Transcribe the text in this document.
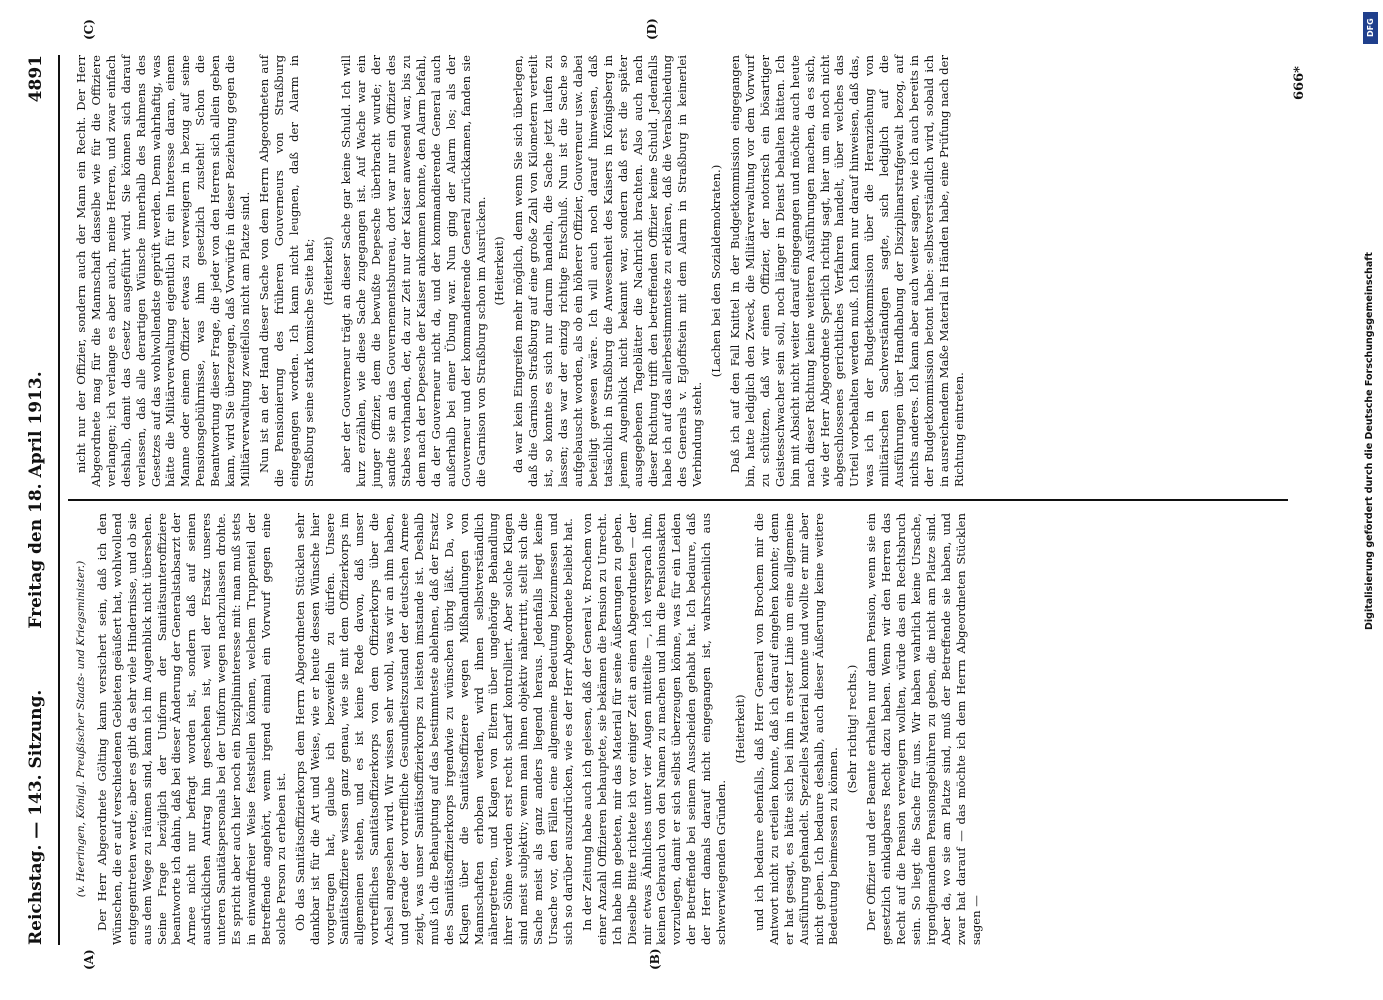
Reichstag. — 143. Sitzung.
Freitag den 18. April 1913.
4891
(A)	(B)
(C)	(D)
(v. Heeringen, Königl. Preußischer Staats- und Kriegsminister.) Der Herr Abgeordnete Gölting kann versichert sein, daß ich den Wünschen, die er auf verschiedenen Gebieten geäußert hat, wohlwollend entgegentreten werde; aber es gibt da sehr viele Hindernisse, und ob sie aus dem Wege zu räumen sind, kann ich im Augenblick nicht übersehen. Seine Frage bezüglich der Uniform der Sanitätsunteroffiziere beantworte ich dahin, daß bei dieser Änderung der Generalstabsarzt der Armee nicht nur befragt worden ist, sondern daß auf seinen ausdrücklichen Antrag hin geschehen ist, weil der Ersatz unseres unteren Sanitätspersonals bei der Uniform wegen nachzulassen drohte. Es spricht aber auch hier noch ein Disziplininteresse mit: man muß stets in einwandfreier Weise feststellen können, welchem Truppenteil der Betreffende angehört, wenn irgend einmal ein Vorwurf gegen eine solche Person zu erheben ist. Ob das Sanitätsoffizierkorps dem Herrn Abgeordneten Stücklen sehr dankbar ist für die Art und Weise, wie er heute dessen Wünsche hier vorgetragen hat, glaube ich bezweifeln zu dürfen. Unsere Sanitätsoffiziere wissen ganz genau, wie sie mit dem Offizierkorps im allgemeinen stehen, und es ist keine Rede davon, daß unser vortreffliches Sanitätsoffizierkorps von dem Offizierkorps über die Achsel angesehen wird. Wir wissen sehr wohl, was wir an ihm haben, und gerade der vortreffliche Gesundheitszustand der deutschen Armee zeigt, was unser Sanitätsoffizierkorps zu leisten imstande ist. Deshalb muß ich die Behauptung auf das bestimmteste ablehnen, daß der Ersatz des Sanitätsoffizierkorps irgendwie zu wünschen übrig läßt. Da, wo Klagen über die Sanitätsoffiziere wegen Mißhandlungen von Mannschaften erhoben werden, wird ihnen selbstverständlich nähergetreten, und Klagen von Eltern über ungehörige Behandlung ihrer Söhne werden erst recht scharf kontrolliert. Aber solche Klagen sind meist subjektiv; wenn man ihnen objektiv nähertritt, stellt sich die Sache meist als ganz anders liegend heraus. Jedenfalls liegt keine Ursache vor, den Fällen eine allgemeine Bedeutung beizumessen und sich so darüber auszudrücken, wie es der Herr Abgeordnete beliebt hat. In der Zeitung habe auch ich gelesen, daß der General v. Brochem von einer Anzahl Offizieren behauptete, sie bekämen die Pension zu Unrecht. Ich habe ihn gebeten, mir das Material für seine Äußerungen zu geben. Dieselbe Bitte richtete ich vor einiger Zeit an einen Abgeordneten — der mir etwas Ähnliches unter vier Augen mitteilte —, ich versprach ihm, keinen Gebrauch von den Namen zu machen und ihm die Pensionsakten vorzulegen, damit er sich selbst überzeugen könne, was für ein Leiden der Betreffende bei seinem Ausscheiden gehabt hat. Ich bedaure, daß der Herr damals darauf nicht eingegangen ist, wahrscheinlich aus schwerwiegenden Gründen.

(Heiterkeit) und ich bedaure ebenfalls, daß Herr General von Brochem mir die Antwort nicht zu erteilen konnte, daß ich darauf eingehen konnte; denn er hat gesagt, es hätte sich bei ihm in erster Linie um eine allgemeine Ausführung gehandelt. Spezielles Material konnte und wollte er mir aber nicht geben. Ich bedaure deshalb, auch dieser Äußerung keine weitere Bedeutung beimessen zu können.

(Sehr richtig! rechts.) Der Offizier und der Beamte erhalten nur dann Pension, wenn sie ein gesetzlich einklagbares Recht dazu haben. Wenn wir den Herren das Recht auf die Pension verweigern wollten, würde das ein Rechtsbruch sein. So liegt die Sache für uns. Wir haben wahrlich keine Ursache, irgendjemandem Pensionsgebühren zu geben, die nicht am Platze sind. Aber da, wo sie am Platze sind, muß der Betreffende sie haben, und zwar hat darauf — das möchte ich dem Herrn Abgeordneten Stücklen sagen —

nicht nur der Offizier, sondern auch der Mann ein Recht. Der Herr Abgeordnete mag für die Mannschaft dasselbe wie für die Offiziere verlangen; ich verlange es aber auch, meine Herren, und zwar einfach deshalb, damit das Gesetz ausgeführt wird. Sie können sich darauf verlassen, daß alle derartigen Wünsche innerhalb des Rahmens des Gesetzes auf das wohlwollendste geprüft werden. Denn wahrhaftig, was hätte die Militärverwaltung eigentlich für ein Interesse daran, einem Manne oder einem Offizier etwas zu verweigern in bezug auf seine Pensionsgebührnisse, was ihm gesetzlich zusteht! Schon die Beantwortung dieser Frage, die jeder von den Herren sich allein geben kann, wird Sie überzeugen, daß Vorwürfe in dieser Beziehung gegen die Militärverwaltung zweifellos nicht am Platze sind. Nun ist an der Hand dieser Sache von dem Herrn Abgeordneten auf die Pensionierung des früheren Gouverneurs von Straßburg eingegangen worden. Ich kann nicht leugnen, daß der Alarm in Straßburg seine stark komische Seite hat; (Heiterkeit) aber der Gouverneur trägt an dieser Sache gar keine Schuld. Ich will kurz erzählen, wie diese Sache zugegangen ist. Auf Wache war ein junger Offizier, dem die bewußte Depesche überbracht wurde; der sandte sie an das Gouvernementsbureau, dort war nur ein Offizier des Stabes vorhanden, der, da zur Zeit nur der Kaiser anwesend war, bis zu dem nach der Depesche der Kaiser ankommen konnte, den Alarm befahl, da der Gouverneur nicht da, und der kommandierende General auch außerhalb bei einer Übung war. Nun ging der Alarm los; als der Gouverneur und der kommandierende General zurückkamen, fanden sie die Garnison von Straßburg schon im Ausrücken. (Heiterkeit) da war kein Eingreifen mehr möglich, denn wenn Sie sich überlegen, daß die Garnison Straßburg auf eine große Zahl von Kilometern verteilt ist, so konnte es sich nur darum handeln, die Sache jetzt laufen zu lassen; das war der einzig richtige Entschluß. Nun ist die Sache so aufgebauscht worden, als ob ein höherer Offizier, Gouverneur usw. dabei beteiligt gewesen wäre. Ich will auch noch darauf hinweisen, daß tatsächlich in Straßburg die Anwesenheit des Kaisers in Königsberg in jenem Augenblick nicht bekannt war, sondern daß erst die später ausgegebenen Tageblätter die Nachricht brachten. Also auch nach dieser Richtung trifft den betreffenden Offizier keine Schuld. Jedenfalls habe ich auf das allerbestimmteste zu erklären, daß die Verabschiedung des Generals v. Egloffstein mit dem Alarm in Straßburg in keinerlei Verbindung steht.

(Lachen bei den Sozialdemokraten.) Daß ich auf den Fall Knittel in der Budgetkommission eingegangen bin, hatte lediglich den Zweck, die Militärverwaltung vor dem Vorwurf zu schützen, daß wir einen Offizier, der notorisch ein bösartiger Geistesschwacher sein soll, noch länger in Dienst behalten hätten. Ich bin mit Absicht nicht weiter darauf eingegangen und möchte auch heute nach dieser Richtung keine weiteren Ausführungen machen, da es sich, wie der Herr Abgeordnete Sperlich richtig sagt, hier um ein noch nicht abgeschlossenes gerichtliches Verfahren handelt, über welches das Urteil vorbehalten werden muß. Ich kann nur darauf hinweisen, daß das, was ich in der Budgetkommission über die Heranziehung von militärischen Sachverständigen sagte, sich lediglich auf die Ausführungen über Handhabung der Disziplinarstrafgewalt bezog, auf nichts anderes. Ich kann aber auch weiter sagen, wie ich auch bereits in der Budgetkommission betont habe: selbstverständlich wird, sobald ich in ausreichendem Maße Material in Händen habe, eine Prüfung nach der Richtung eintreten.

666*
DFG
Digitalisierung gefördert durch die Deutsche Forschungsgemeinschaft
